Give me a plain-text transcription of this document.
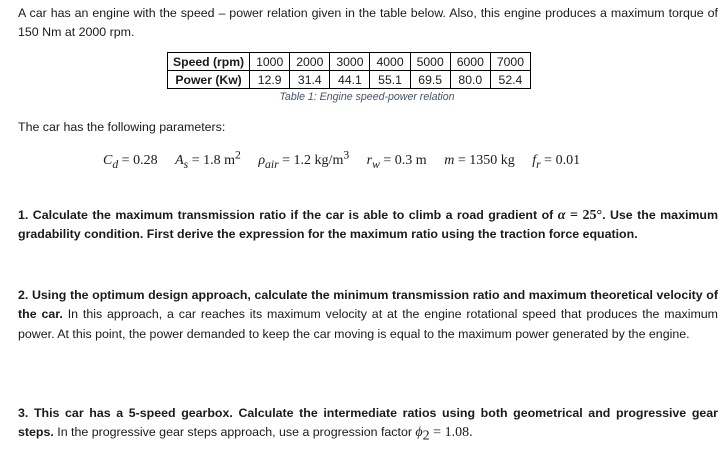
A car has an engine with the speed – power relation given in the table below. Also, this engine produces a maximum torque of 150 Nm at 2000 rpm.

Speed (rpm)	1000	2000	3000	4000	5000	6000	7000
Power (Kw)	12.9	31.4	44.1	55.1	69.5	80.0	52.4
Table 1: Engine speed-power relation

The car has the following parameters:

$C_d = 0.28$ $A_s = 1.8$ $m^2$ $\rho_{air} = 1.2$ $kg/m^3$ $r_w = 0.3$ m m = 1350 kg $f_r = 0.01$

1. Calculate the maximum transmission ratio if the car is able to climb a road gradient of α = 25°. Use the maximum gradability condition. First derive the expression for the maximum ratio using the traction force equation.

2. Using the optimum design approach, calculate the minimum transmission ratio and maximum theoretical velocity of the car. In this approach, a car reaches its maximum velocity at at the engine rotational speed that produces the maximum power. At this point, the power demanded to keep the car moving is equal to the maximum power generated by the engine.

3. This car has a 5-speed gearbox. Calculate the intermediate ratios using both geometrical and progressive gear steps. In the progressive gear steps approach, use a progression factor $\phi_2 = 1.08$.
